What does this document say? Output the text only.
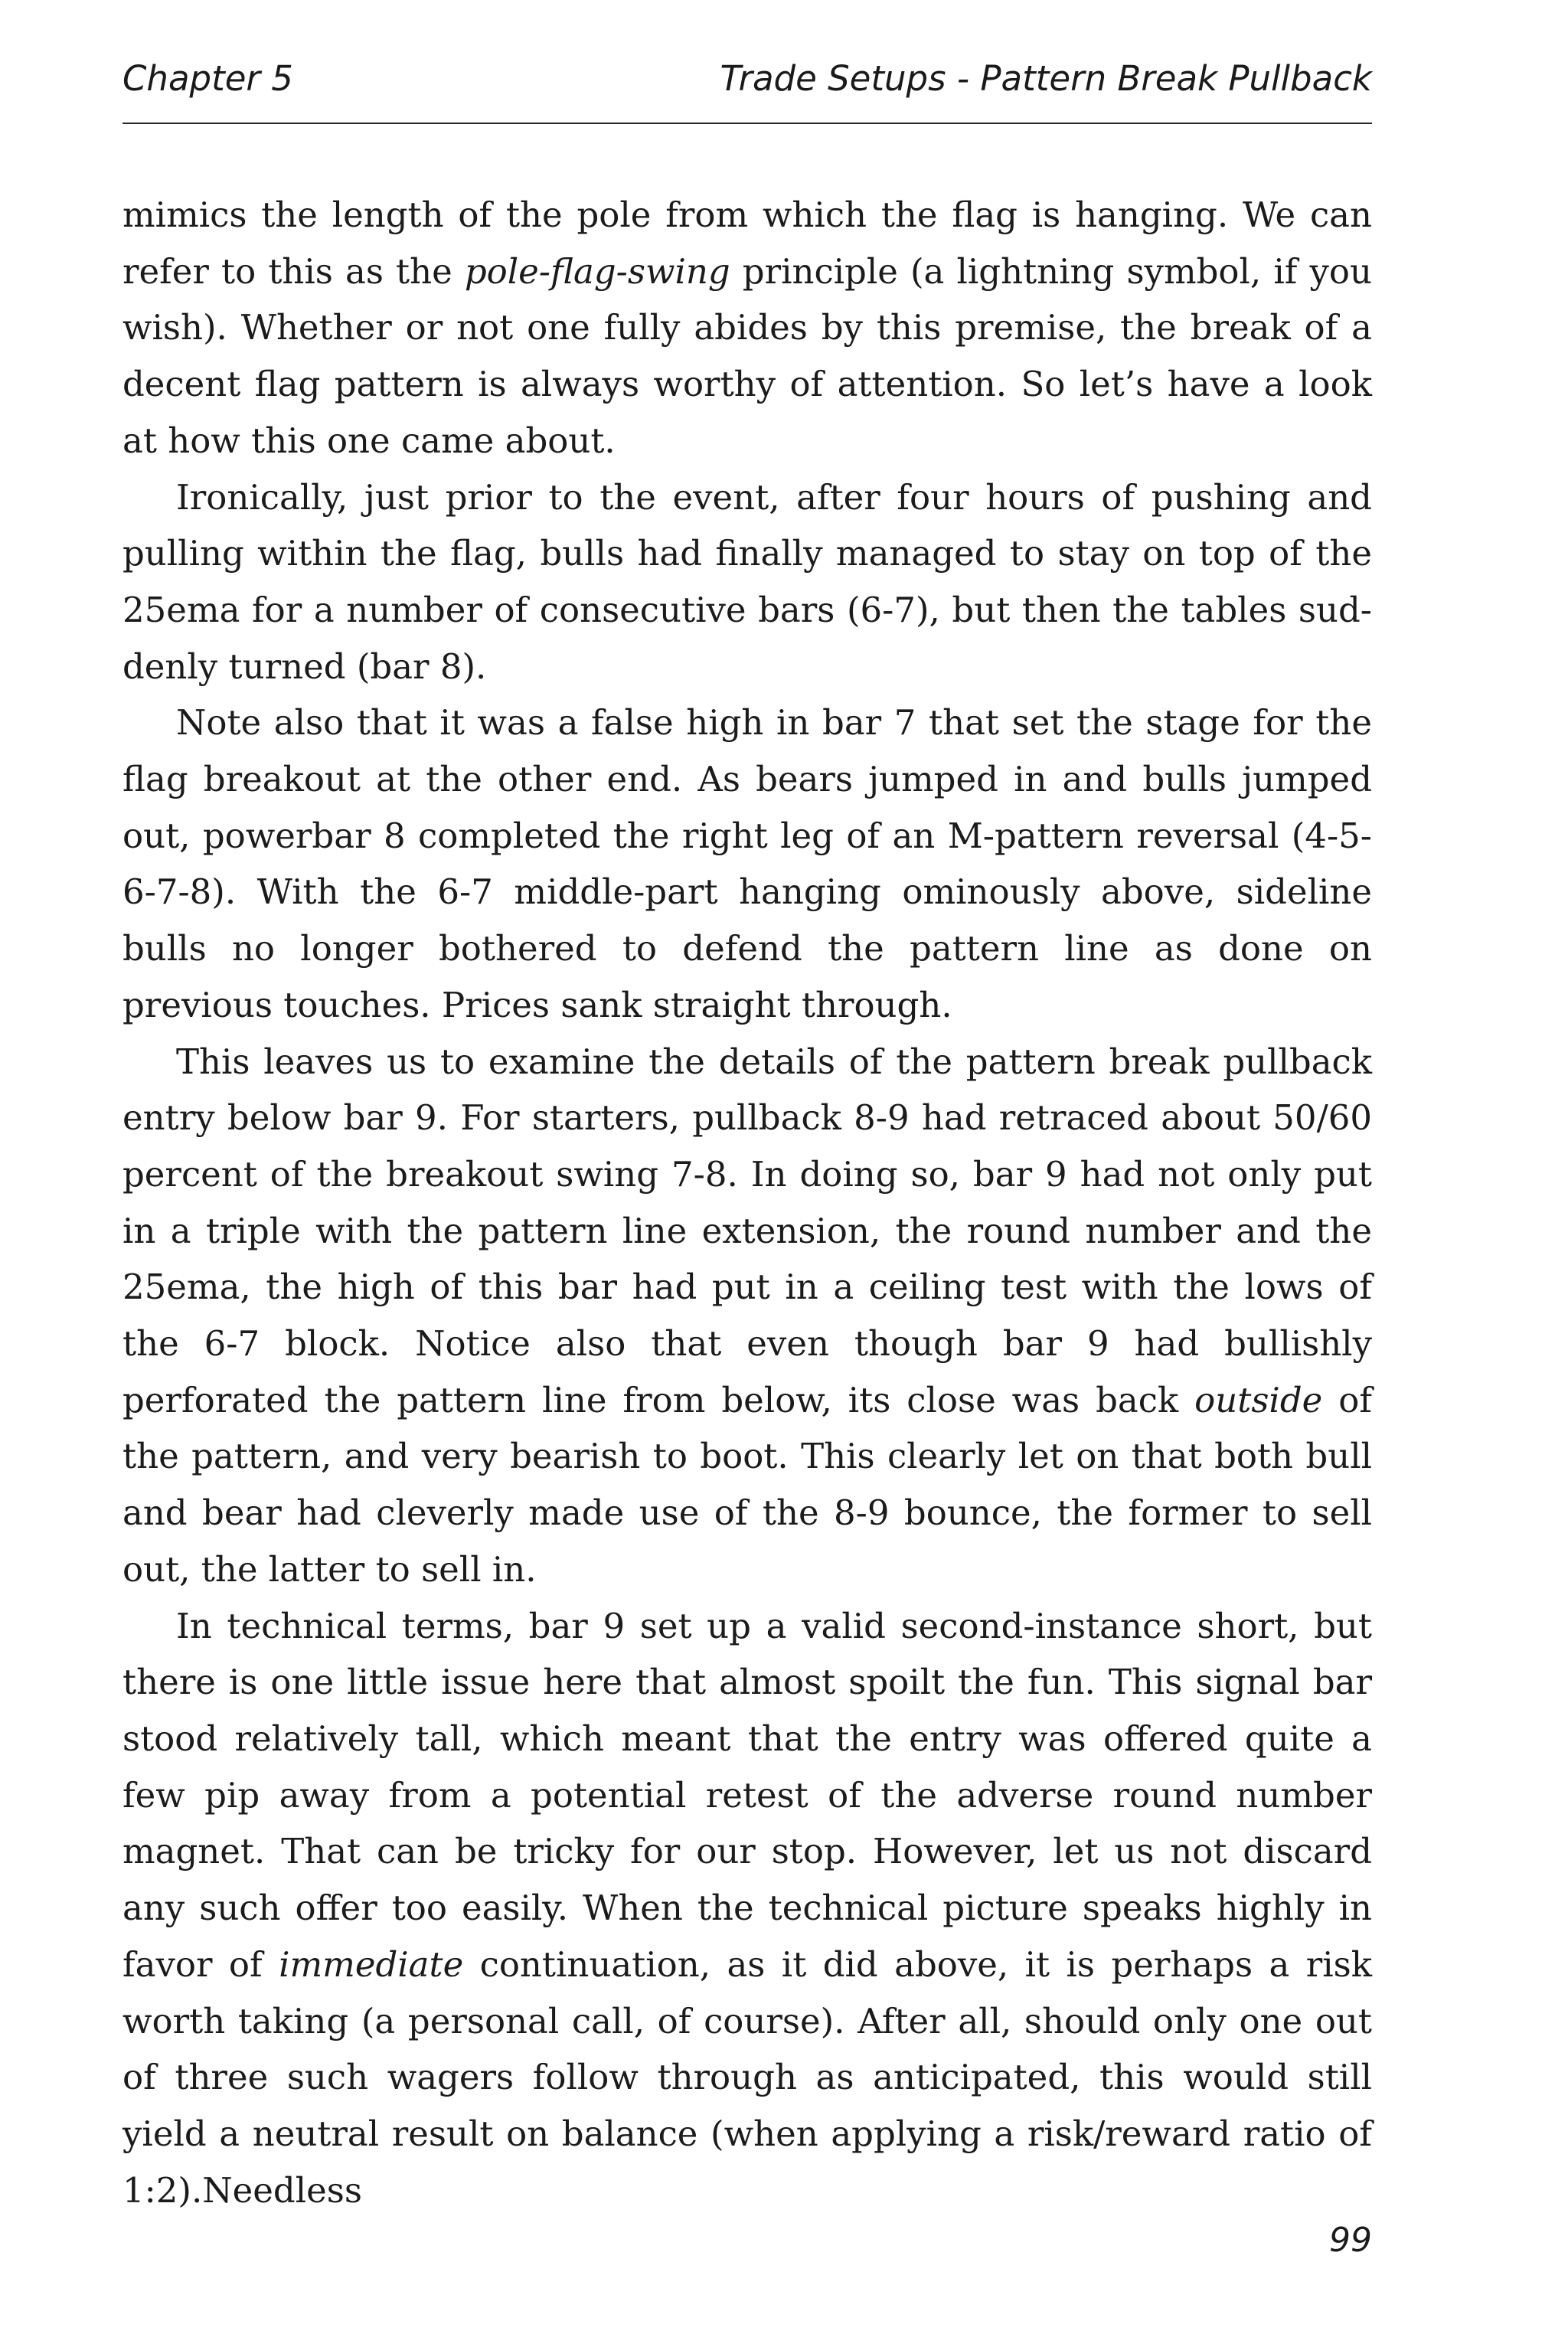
Chapter 5	Trade Setups - Pattern Break Pullback

mimics the length of the pole from which the flag is hanging. We can refer to this as the pole-flag-swing principle (a lightning symbol, if you wish). Whether or not one fully abides by this premise, the break of a decent flag pattern is always worthy of attention. So let’s have a look at how this one came about.

Ironically, just prior to the event, after four hours of pushing and pulling within the flag, bulls had finally managed to stay on top of the 25ema for a number of consecutive bars (6-7), but then the tables suddenly turned (bar 8).

Note also that it was a false high in bar 7 that set the stage for the flag breakout at the other end. As bears jumped in and bulls jumped out, powerbar 8 completed the right leg of an M-pattern reversal (4-5-6-7-8). With the 6-7 middle-part hanging ominously above, sideline bulls no longer bothered to defend the pattern line as done on previous touches. Prices sank straight through.

This leaves us to examine the details of the pattern break pullback entry below bar 9. For starters, pullback 8-9 had retraced about 50/60 percent of the breakout swing 7-8. In doing so, bar 9 had not only put in a triple with the pattern line extension, the round number and the 25ema, the high of this bar had put in a ceiling test with the lows of the 6-7 block. Notice also that even though bar 9 had bullishly perforated the pattern line from below, its close was back outside of the pattern, and very bearish to boot. This clearly let on that both bull and bear had cleverly made use of the 8-9 bounce, the former to sell out, the latter to sell in.

In technical terms, bar 9 set up a valid second-instance short, but there is one little issue here that almost spoilt the fun. This signal bar stood relatively tall, which meant that the entry was offered quite a few pip away from a potential retest of the adverse round number magnet. That can be tricky for our stop. However, let us not discard any such offer too easily. When the technical picture speaks highly in favor of immediate continuation, as it did above, it is perhaps a risk worth taking (a personal call, of course). After all, should only one out of three such wagers follow through as anticipated, this would still yield a neutral result on balance (when applying a risk/reward ratio of 1:2).Needless

99
